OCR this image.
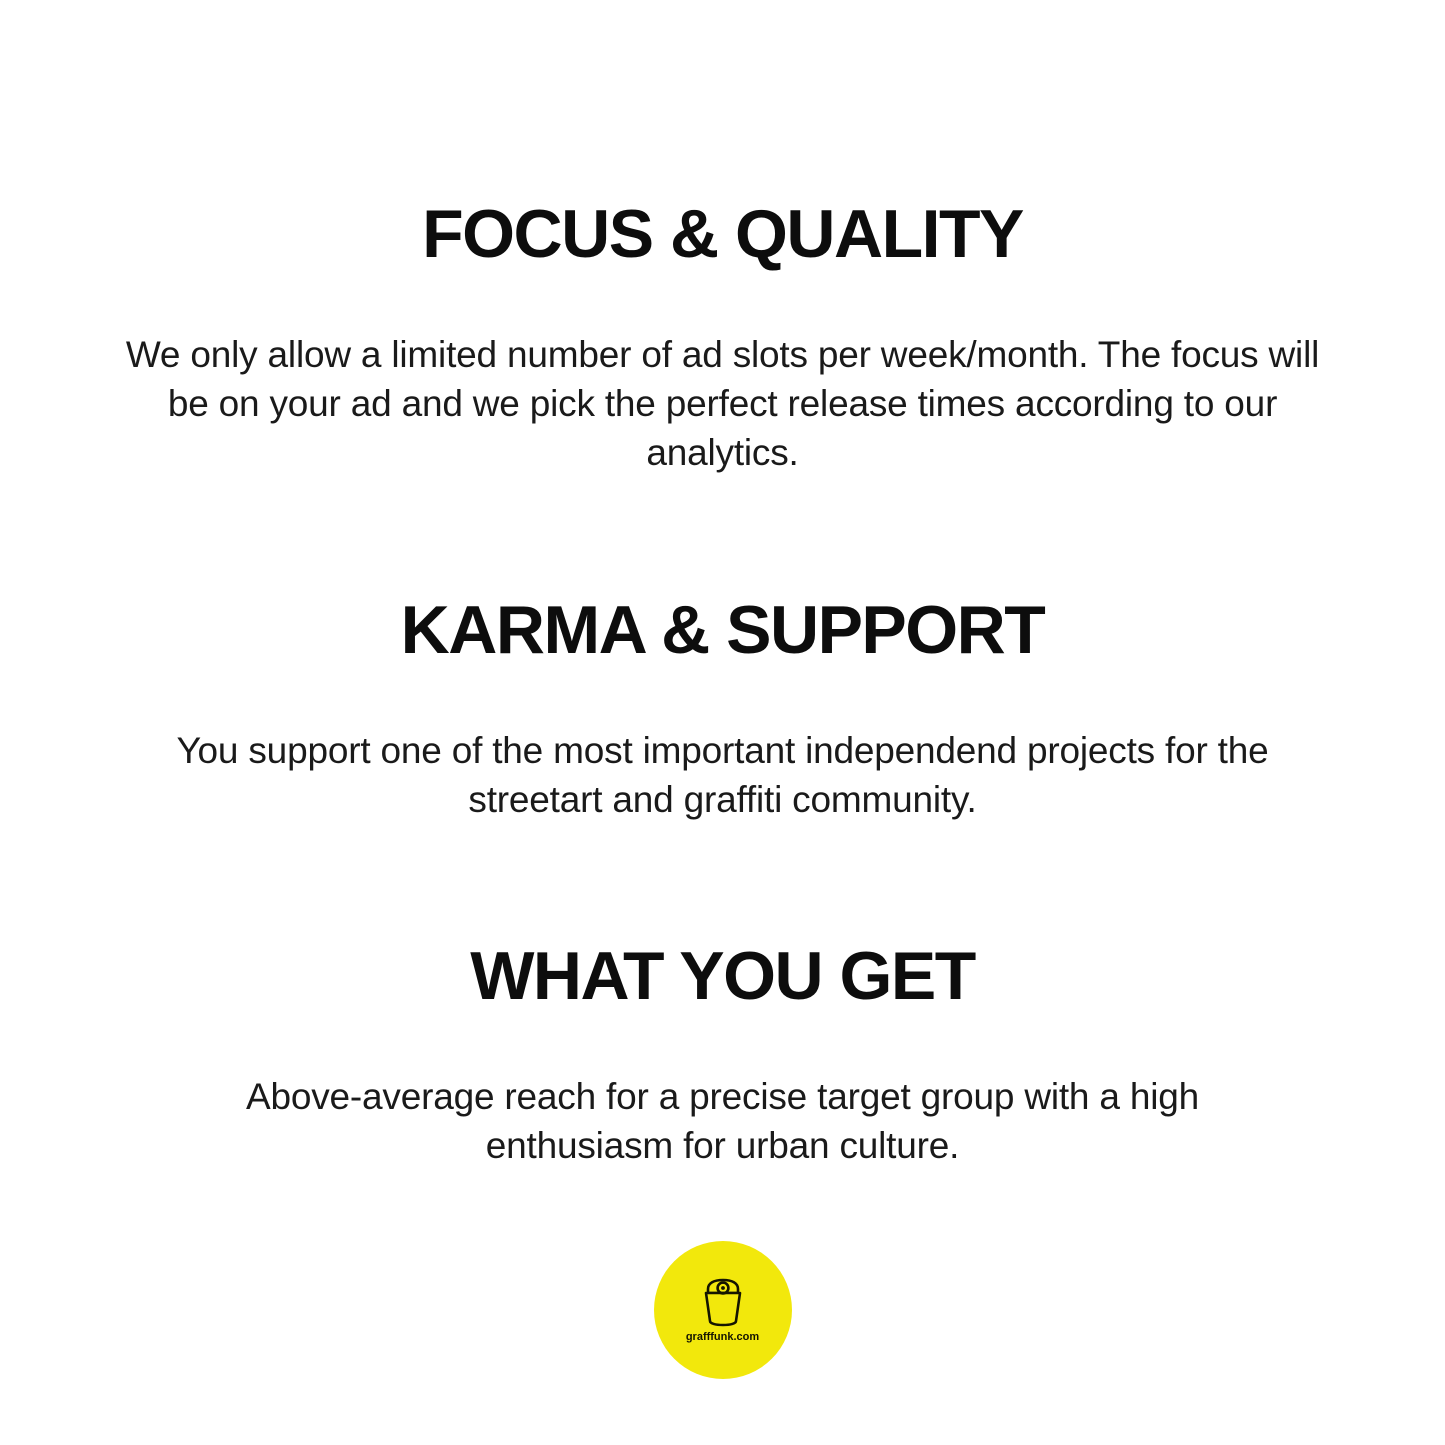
FOCUS & QUALITY

We only allow a limited number of ad slots per week/month. The focus will be on your ad and we pick the perfect release times according to our analytics.

KARMA & SUPPORT

You support one of the most important independend projects for the streetart and graffiti community.

WHAT YOU GET

Above-average reach for a precise target group with a high enthusiasm for urban culture.

grafffunk.com
